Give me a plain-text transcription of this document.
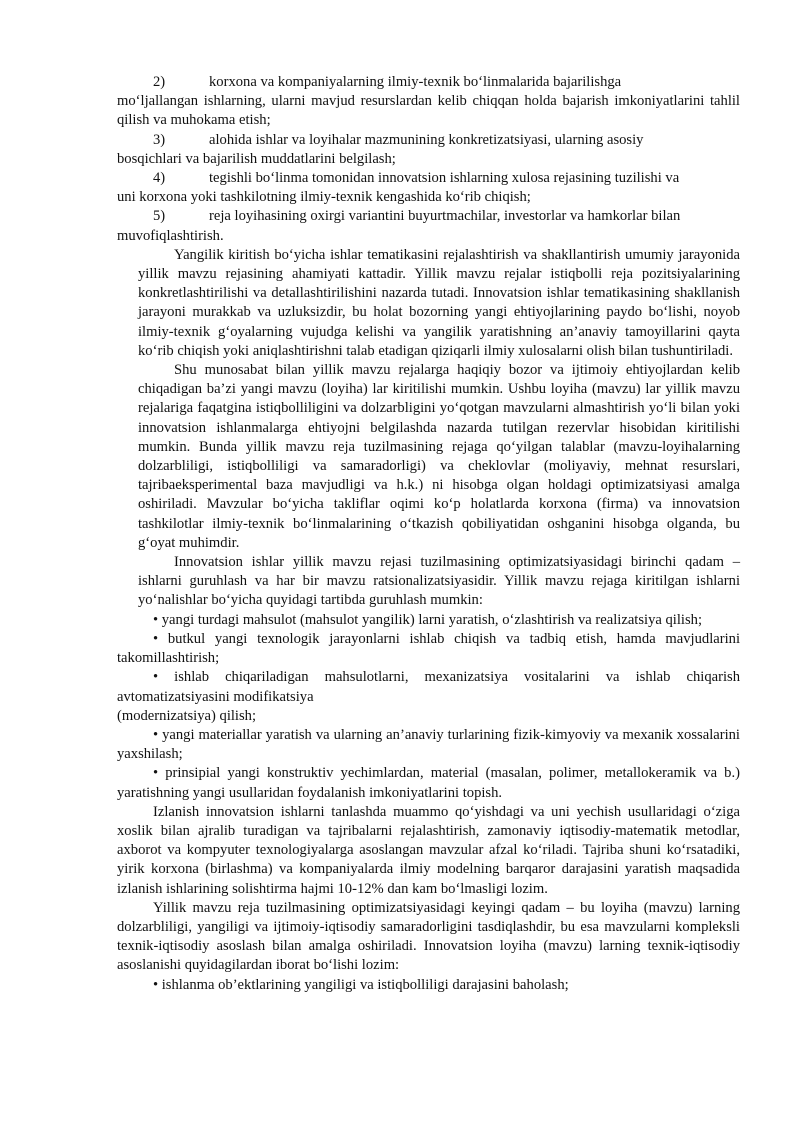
2)	korxona va kompaniyalarning ilmiy-texnik bo‘linmalarida bajarilishga

mo‘ljallangan ishlarning, ularni mavjud resurslardan kelib chiqqan holda bajarish imkoniyatlarini tahlil qilish va muhokama etish;

3)	alohida ishlar va loyihalar mazmunining konkretizatsiyasi, ularning asosiy

bosqichlari va bajarilish muddatlarini belgilash;

4)	tegishli bo‘linma tomonidan innovatsion ishlarning xulosa rejasining tuzilishi va

uni korxona yoki tashkilotning ilmiy-texnik kengashida ko‘rib chiqish;

5)	reja loyihasining oxirgi variantini buyurtmachilar, investorlar va hamkorlar bilan

muvofiqlashtirish.

Yangilik kiritish bo‘yicha ishlar tematikasini rejalashtirish va shakllantirish umumiy jarayonida yillik mavzu rejasining ahamiyati kattadir. Yillik mavzu rejalar istiqbolli reja pozitsiyalarining konkretlashtirilishi va detallashtirilishini nazarda tutadi. Innovatsion ishlar tematikasining shakllanish jarayoni murakkab va uzluksizdir, bu holat bozorning yangi ehtiyojlarining paydo bo‘lishi, noyob ilmiy-texnik g‘oyalarning vujudga kelishi va yangilik yaratishning an’anaviy tamoyillarini qayta ko‘rib chiqish yoki aniqlashtirishni talab etadigan qiziqarli ilmiy xulosalarni olish bilan tushuntiriladi.

Shu munosabat bilan yillik mavzu rejalarga haqiqiy bozor va ijtimoiy ehtiyojlardan kelib chiqadigan ba’zi yangi mavzu (loyiha) lar kiritilishi mumkin. Ushbu loyiha (mavzu) lar yillik mavzu rejalariga faqatgina istiqbolliligini va dolzarbligini yo‘qotgan mavzularni almashtirish yo‘li bilan yoki innovatsion ishlanmalarga ehtiyojni belgilashda nazarda tutilgan rezervlar hisobidan kiritilishi mumkin. Bunda yillik mavzu reja tuzilmasining rejaga qo‘yilgan talablar (mavzu-loyihalarning dolzarbliligi, istiqbolliligi va samaradorligi) va cheklovlar (moliyaviy, mehnat resurslari, tajribaeksperimental baza mavjudligi va h.k.) ni hisobga olgan holdagi optimizatsiyasi amalga oshiriladi. Mavzular bo‘yicha takliflar oqimi ko‘p holatlarda korxona (firma) va innovatsion tashkilotlar ilmiy-texnik bo‘linmalarining o‘tkazish qobiliyatidan oshganini hisobga olganda, bu g‘oyat muhimdir.

Innovatsion ishlar yillik mavzu rejasi tuzilmasining optimizatsiyasidagi birinchi qadam – ishlarni guruhlash va har bir mavzu ratsionalizatsiyasidir. Yillik mavzu rejaga kiritilgan ishlarni yo‘nalishlar bo‘yicha quyidagi tartibda guruhlash mumkin:

• yangi turdagi mahsulot (mahsulot yangilik) larni yaratish, o‘zlashtirish va realizatsiya qilish;

• butkul yangi texnologik jarayonlarni ishlab chiqish va tadbiq etish, hamda mavjudlarini takomillashtirish;

• ishlab chiqariladigan mahsulotlarni, mexanizatsiya vositalarini va ishlab chiqarish avtomatizatsiyasini modifikatsiya

(modernizatsiya) qilish;

• yangi materiallar yaratish va ularning an’anaviy turlarining fizik-kimyoviy va mexanik xossalarini yaxshilash;

• prinsipial yangi konstruktiv yechimlardan, material (masalan, polimer, metallokeramik va b.) yaratishning yangi usullaridan foydalanish imkoniyatlarini topish.

Izlanish innovatsion ishlarni tanlashda muammo qo‘yishdagi va uni yechish usullaridagi o‘ziga xoslik bilan ajralib turadigan va tajribalarni rejalashtirish, zamonaviy iqtisodiy-matematik metodlar, axborot va kompyuter texnologiyalarga asoslangan mavzular afzal ko‘riladi. Tajriba shuni ko‘rsatadiki, yirik korxona (birlashma) va kompaniyalarda ilmiy modelning barqaror darajasini yaratish maqsadida izlanish ishlarining solishtirma hajmi 10-12% dan kam bo‘lmasligi lozim.

Yillik mavzu reja tuzilmasining optimizatsiyasidagi keyingi qadam – bu loyiha (mavzu) larning dolzarbliligi, yangiligi va ijtimoiy-iqtisodiy samaradorligini tasdiqlashdir, bu esa mavzularni kompleksli texnik-iqtisodiy asoslash bilan amalga oshiriladi. Innovatsion loyiha (mavzu) larning texnik-iqtisodiy asoslanishi quyidagilardan iborat bo‘lishi lozim:

• ishlanma ob’ektlarining yangiligi va istiqbolliligi darajasini baholash;
